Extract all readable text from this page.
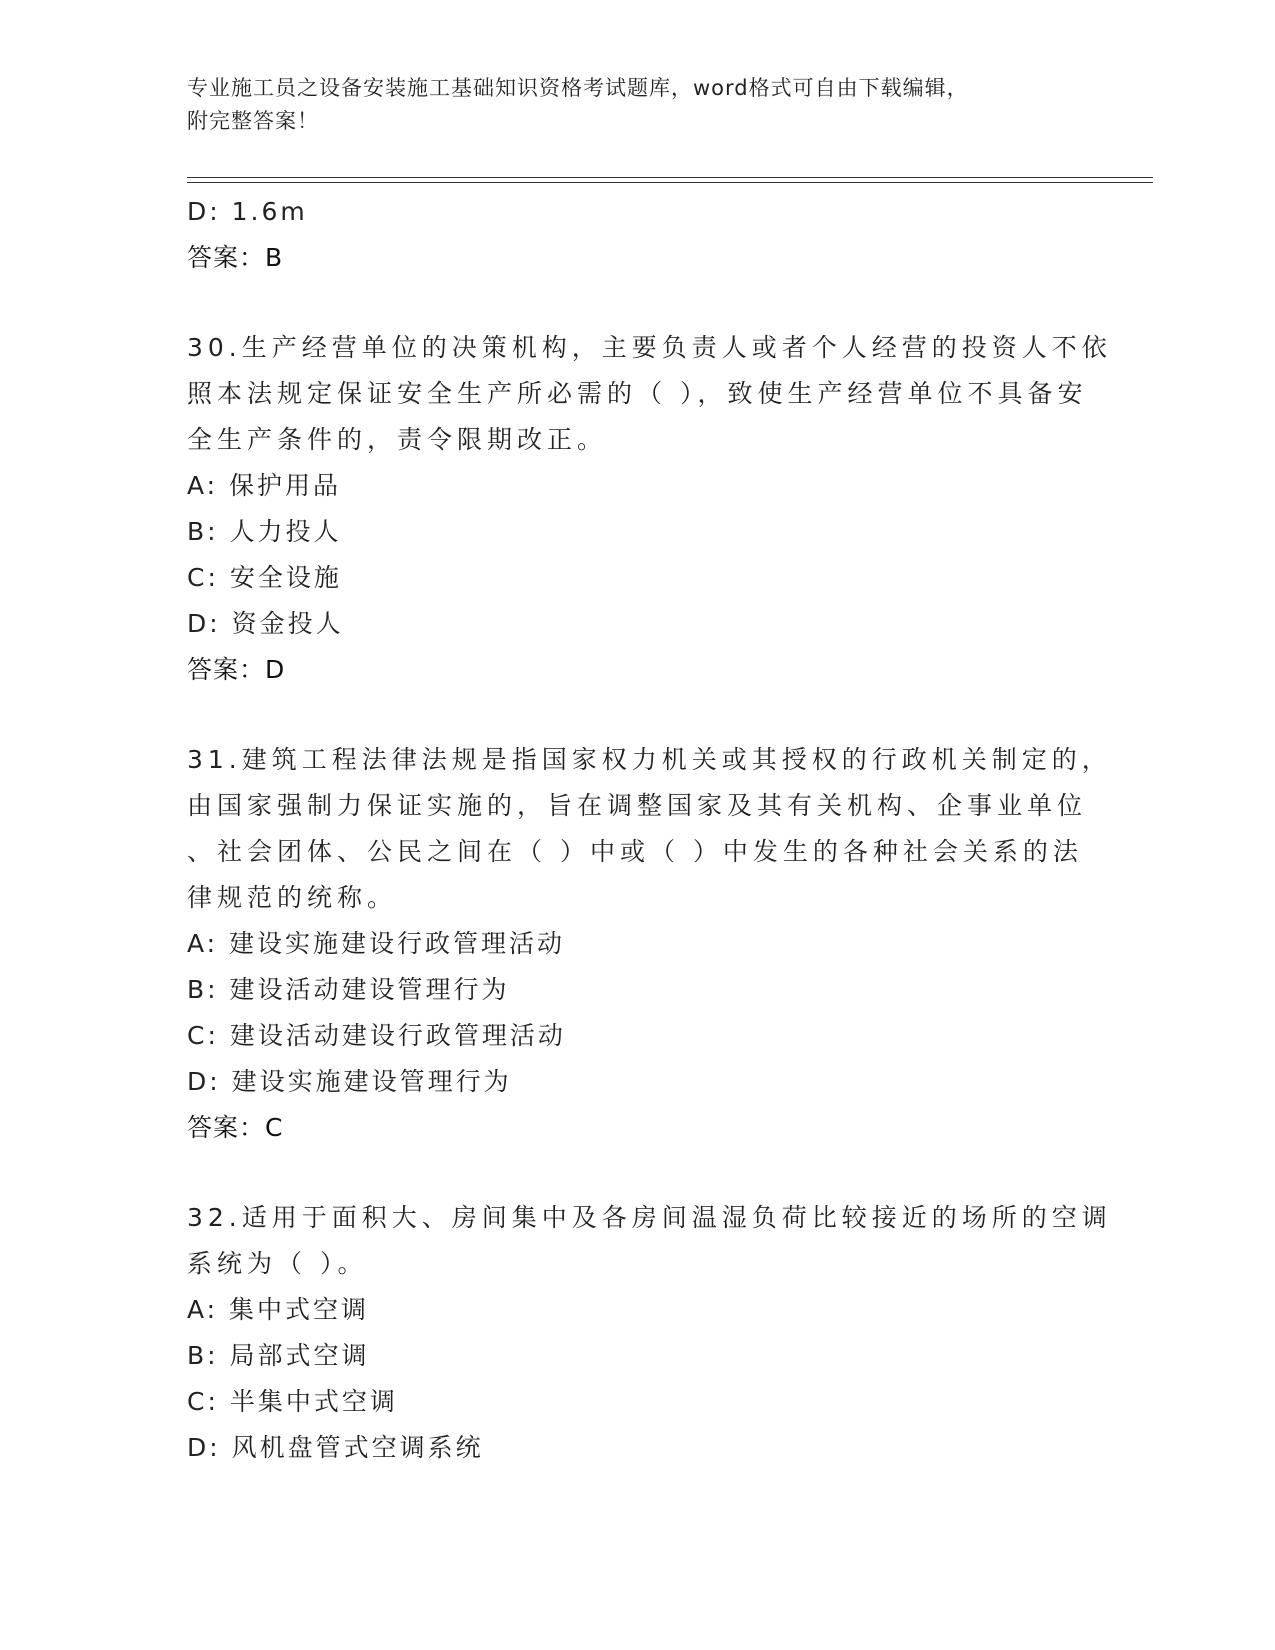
专业施工员之设备安装施工基础知识资格考试题库，word格式可自由下载编辑，
附完整答案！
D: 1.6m
答案：B
30.生产经营单位的决策机构，主要负责人或者个人经营的投资人不依
照本法规定保证安全生产所必需的（ ），致使生产经营单位不具备安
全生产条件的，责令限期改正。
A: 保护用品
B: 人力投人
C: 安全设施
D: 资金投人
答案：D
31.建筑工程法律法规是指国家权力机关或其授权的行政机关制定的，
由国家强制力保证实施的，旨在调整国家及其有关机构、企事业单位
、社会团体、公民之间在（ ）中或（ ）中发生的各种社会关系的法
律规范的统称。
A: 建设实施建设行政管理活动
B: 建设活动建设管理行为
C: 建设活动建设行政管理活动
D: 建设实施建设管理行为
答案：C
32.适用于面积大、房间集中及各房间温湿负荷比较接近的场所的空调
系统为（ ）。
A: 集中式空调
B: 局部式空调
C: 半集中式空调
D: 风机盘管式空调系统
